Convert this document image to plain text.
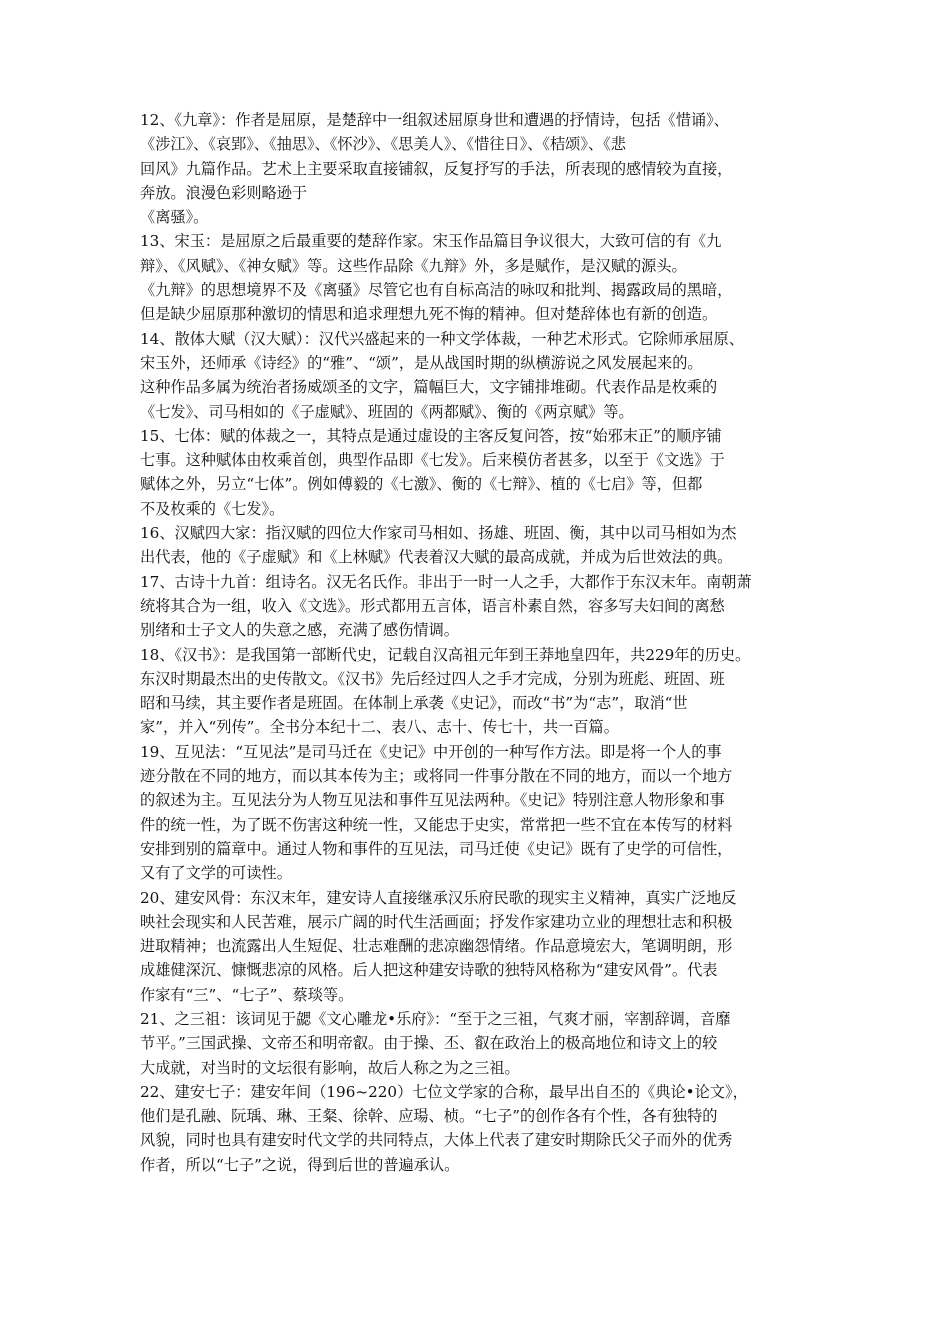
12、《九章》：作者是屈原，是楚辞中一组叙述屈原身世和遭遇的抒情诗，包括《惜诵》、
《涉江》、《哀郢》、《抽思》、《怀沙》、《思美人》、《惜往日》、《桔颂》、《悲
回风》九篇作品。艺术上主要采取直接铺叙，反复抒写的手法，所表现的感情较为直接，
奔放。浪漫色彩则略逊于
《离骚》。
13、宋玉：是屈原之后最重要的楚辞作家。宋玉作品篇目争议很大，大致可信的有《九
辩》、《风赋》、《神女赋》等。这些作品除《九辩》外，多是赋作，是汉赋的源头。
《九辩》的思想境界不及《离骚》尽管它也有自标高洁的咏叹和批判、揭露政局的黑暗，
但是缺少屈原那种激切的情思和追求理想九死不悔的精神。但对楚辞体也有新的创造。
14、散体大赋（汉大赋）：汉代兴盛起来的一种文学体裁，一种艺术形式。它除师承屈原、
宋玉外，还师承《诗经》的“雅”、“颂”，是从战国时期的纵横游说之风发展起来的。
这种作品多属为统治者扬威颂圣的文字，篇幅巨大，文字铺排堆砌。代表作品是枚乘的
《七发》、司马相如的《子虚赋》、班固的《两都赋》、衡的《两京赋》等。
15、七体：赋的体裁之一，其特点是通过虚设的主客反复问答，按“始邪末正”的顺序铺
七事。这种赋体由枚乘首创，典型作品即《七发》。后来模仿者甚多，以至于《文选》于
赋体之外，另立“七体”。例如傅毅的《七激》、衡的《七辩》、植的《七启》等，但都
不及枚乘的《七发》。
16、汉赋四大家：指汉赋的四位大作家司马相如、扬雄、班固、衡，其中以司马相如为杰
出代表，他的《子虚赋》和《上林赋》代表着汉大赋的最高成就，并成为后世效法的典。
17、古诗十九首：组诗名。汉无名氏作。非出于一时一人之手，大都作于东汉末年。南朝萧
统将其合为一组，收入《文选》。形式都用五言体，语言朴素自然，容多写夫妇间的离愁
别绪和士子文人的失意之感，充满了感伤情调。
18、《汉书》：是我国第一部断代史，记载自汉高祖元年到王莽地皇四年，共229年的历史。
东汉时期最杰出的史传散文。《汉书》先后经过四人之手才完成，分别为班彪、班固、班
昭和马续，其主要作者是班固。在体制上承袭《史记》，而改“书”为“志”，取消“世
家”，并入“列传”。全书分本纪十二、表八、志十、传七十，共一百篇。
19、互见法：“互见法”是司马迁在《史记》中开创的一种写作方法。即是将一个人的事
迹分散在不同的地方，而以其本传为主；或将同一件事分散在不同的地方，而以一个地方
的叙述为主。互见法分为人物互见法和事件互见法两种。《史记》特别注意人物形象和事
件的统一性，为了既不伤害这种统一性，又能忠于史实，常常把一些不宜在本传写的材料
安排到别的篇章中。通过人物和事件的互见法，司马迁使《史记》既有了史学的可信性，
又有了文学的可读性。
20、建安风骨：东汉末年，建安诗人直接继承汉乐府民歌的现实主义精神，真实广泛地反
映社会现实和人民苦难，展示广阔的时代生活画面；抒发作家建功立业的理想壮志和积极
进取精神；也流露出人生短促、壮志难酬的悲凉幽怨情绪。作品意境宏大，笔调明朗，形
成雄健深沉、慷慨悲凉的风格。后人把这种建安诗歌的独特风格称为“建安风骨”。代表
作家有“三”、“七子”、蔡琰等。
21、之三祖：该词见于勰《文心雕龙•乐府》：“至于之三祖，气爽才丽，宰割辞调，音靡
节平。”三国武操、文帝丕和明帝叡。由于操、丕、叡在政治上的极高地位和诗文上的较
大成就，对当时的文坛很有影响，故后人称之为之三祖。
22、建安七子：建安年间（196~220）七位文学家的合称，最早出自丕的《典论•论文》，
他们是孔融、阮瑀、琳、王粲、徐幹、应瑒、桢。“七子”的创作各有个性，各有独特的
风貌，同时也具有建安时代文学的共同特点，大体上代表了建安时期除氏父子而外的优秀
作者，所以“七子”之说，得到后世的普遍承认。
